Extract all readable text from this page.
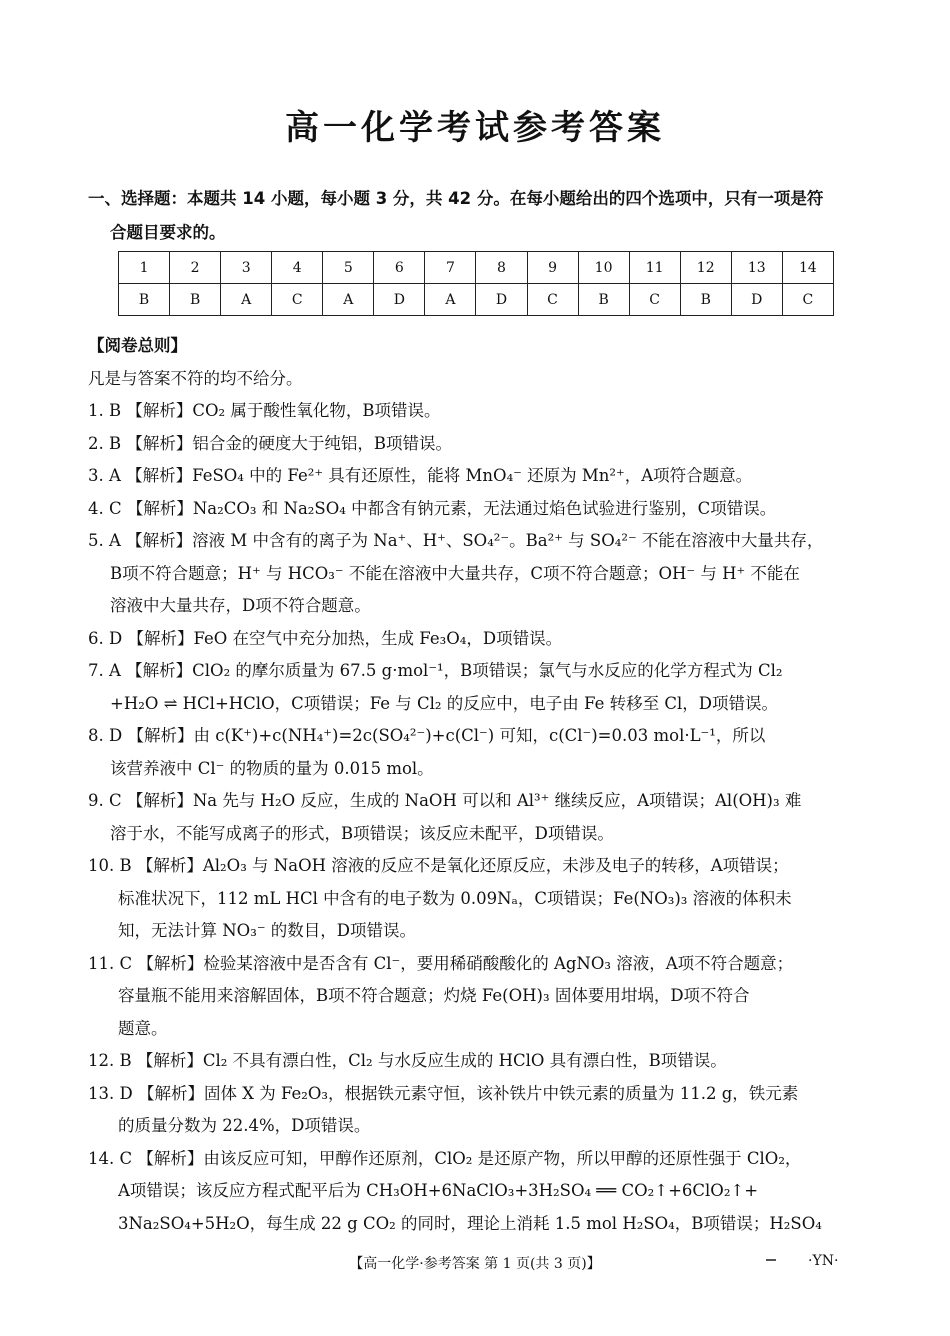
高一化学考试参考答案
一、选择题：本题共 14 小题，每小题 3 分，共 42 分。在每小题给出的四个选项中，只有一项是符
合题目要求的。
1	2	3	4	5	6	7	8	9	10	11	12	13	14
B	B	A	C	A	D	A	D	C	B	C	B	D	C
【阅卷总则】
凡是与答案不符的均不给分。
1. B 【解析】CO₂ 属于酸性氧化物，B项错误。
2. B 【解析】铝合金的硬度大于纯铝，B项错误。
3. A 【解析】FeSO₄ 中的 Fe²⁺ 具有还原性，能将 MnO₄⁻ 还原为 Mn²⁺，A项符合题意。
4. C 【解析】Na₂CO₃ 和 Na₂SO₄ 中都含有钠元素，无法通过焰色试验进行鉴别，C项错误。
5. A 【解析】溶液 M 中含有的离子为 Na⁺、H⁺、SO₄²⁻。Ba²⁺ 与 SO₄²⁻ 不能在溶液中大量共存，
B项不符合题意；H⁺ 与 HCO₃⁻ 不能在溶液中大量共存，C项不符合题意；OH⁻ 与 H⁺ 不能在
溶液中大量共存，D项不符合题意。
6. D 【解析】FeO 在空气中充分加热，生成 Fe₃O₄，D项错误。
7. A 【解析】ClO₂ 的摩尔质量为 67.5 g·mol⁻¹，B项错误；氯气与水反应的化学方程式为 Cl₂
+H₂O ⇌ HCl+HClO，C项错误；Fe 与 Cl₂ 的反应中，电子由 Fe 转移至 Cl，D项错误。
8. D 【解析】由 c(K⁺)+c(NH₄⁺)=2c(SO₄²⁻)+c(Cl⁻) 可知，c(Cl⁻)=0.03 mol·L⁻¹，所以
该营养液中 Cl⁻ 的物质的量为 0.015 mol。
9. C 【解析】Na 先与 H₂O 反应，生成的 NaOH 可以和 Al³⁺ 继续反应，A项错误；Al(OH)₃ 难
溶于水，不能写成离子的形式，B项错误；该反应未配平，D项错误。
10. B 【解析】Al₂O₃ 与 NaOH 溶液的反应不是氧化还原反应，未涉及电子的转移，A项错误；
标准状况下，112 mL HCl 中含有的电子数为 0.09Nₐ，C项错误；Fe(NO₃)₃ 溶液的体积未
知，无法计算 NO₃⁻ 的数目，D项错误。
11. C 【解析】检验某溶液中是否含有 Cl⁻，要用稀硝酸酸化的 AgNO₃ 溶液，A项不符合题意；
容量瓶不能用来溶解固体，B项不符合题意；灼烧 Fe(OH)₃ 固体要用坩埚，D项不符合
题意。
12. B 【解析】Cl₂ 不具有漂白性，Cl₂ 与水反应生成的 HClO 具有漂白性，B项错误。
13. D 【解析】固体 X 为 Fe₂O₃，根据铁元素守恒，该补铁片中铁元素的质量为 11.2 g，铁元素
的质量分数为 22.4%，D项错误。
14. C 【解析】由该反应可知，甲醇作还原剂，ClO₂ 是还原产物，所以甲醇的还原性强于 ClO₂，
A项错误；该反应方程式配平后为 CH₃OH+6NaClO₃+3H₂SO₄ ══ CO₂↑+6ClO₂↑+
3Na₂SO₄+5H₂O，每生成 22 g CO₂ 的同时，理论上消耗 1.5 mol H₂SO₄，B项错误；H₂SO₄
【高一化学·参考答案 第 1 页(共 3 页)】	·YN·
